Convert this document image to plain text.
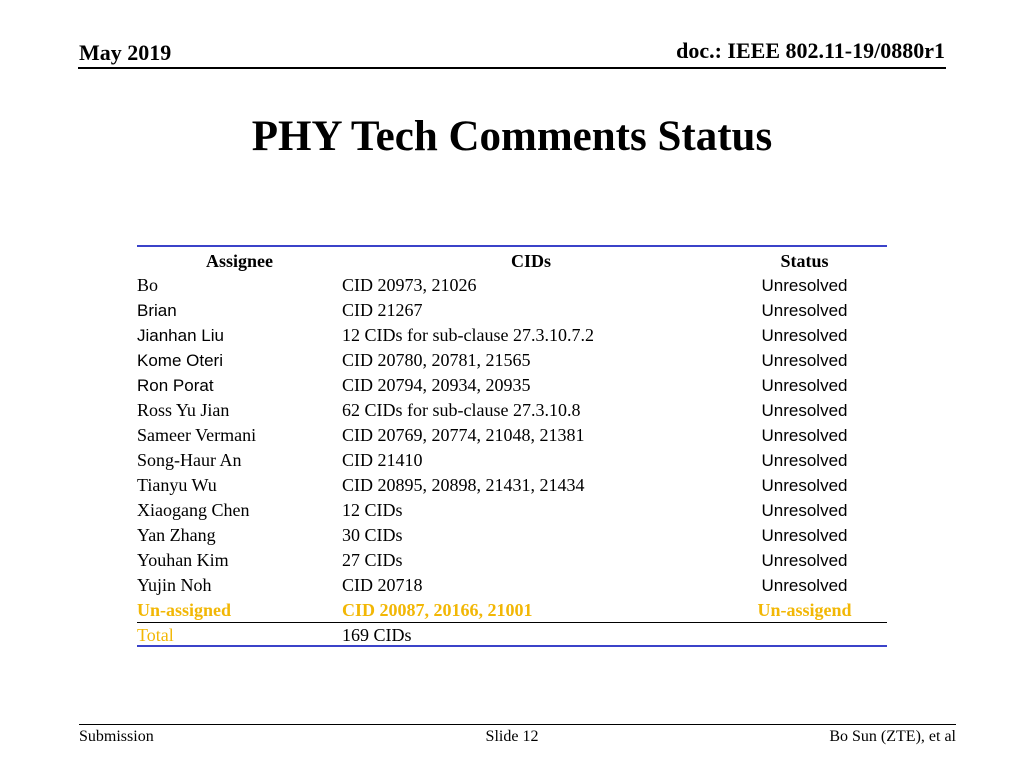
May 2019	doc.: IEEE 802.11-19/0880r1
PHY Tech Comments Status
Assignee	CIDs	Status
Bo	CID 20973, 21026	Unresolved
Brian	CID 21267	Unresolved
Jianhan Liu	12 CIDs for sub-clause 27.3.10.7.2	Unresolved
Kome Oteri	CID 20780, 20781, 21565	Unresolved
Ron Porat	CID 20794, 20934, 20935	Unresolved
Ross Yu Jian	62 CIDs for sub-clause 27.3.10.8	Unresolved
Sameer Vermani	CID 20769, 20774, 21048, 21381	Unresolved
Song-Haur An	CID 21410	Unresolved
Tianyu Wu	CID 20895, 20898, 21431, 21434	Unresolved
Xiaogang Chen	12 CIDs	Unresolved
Yan Zhang	30 CIDs	Unresolved
Youhan Kim	27 CIDs	Unresolved
Yujin Noh	CID 20718	Unresolved
Un-assigned	CID 20087, 20166, 21001	Un-assigend
Total	169 CIDs
Submission	Slide 12	Bo Sun (ZTE), et al
